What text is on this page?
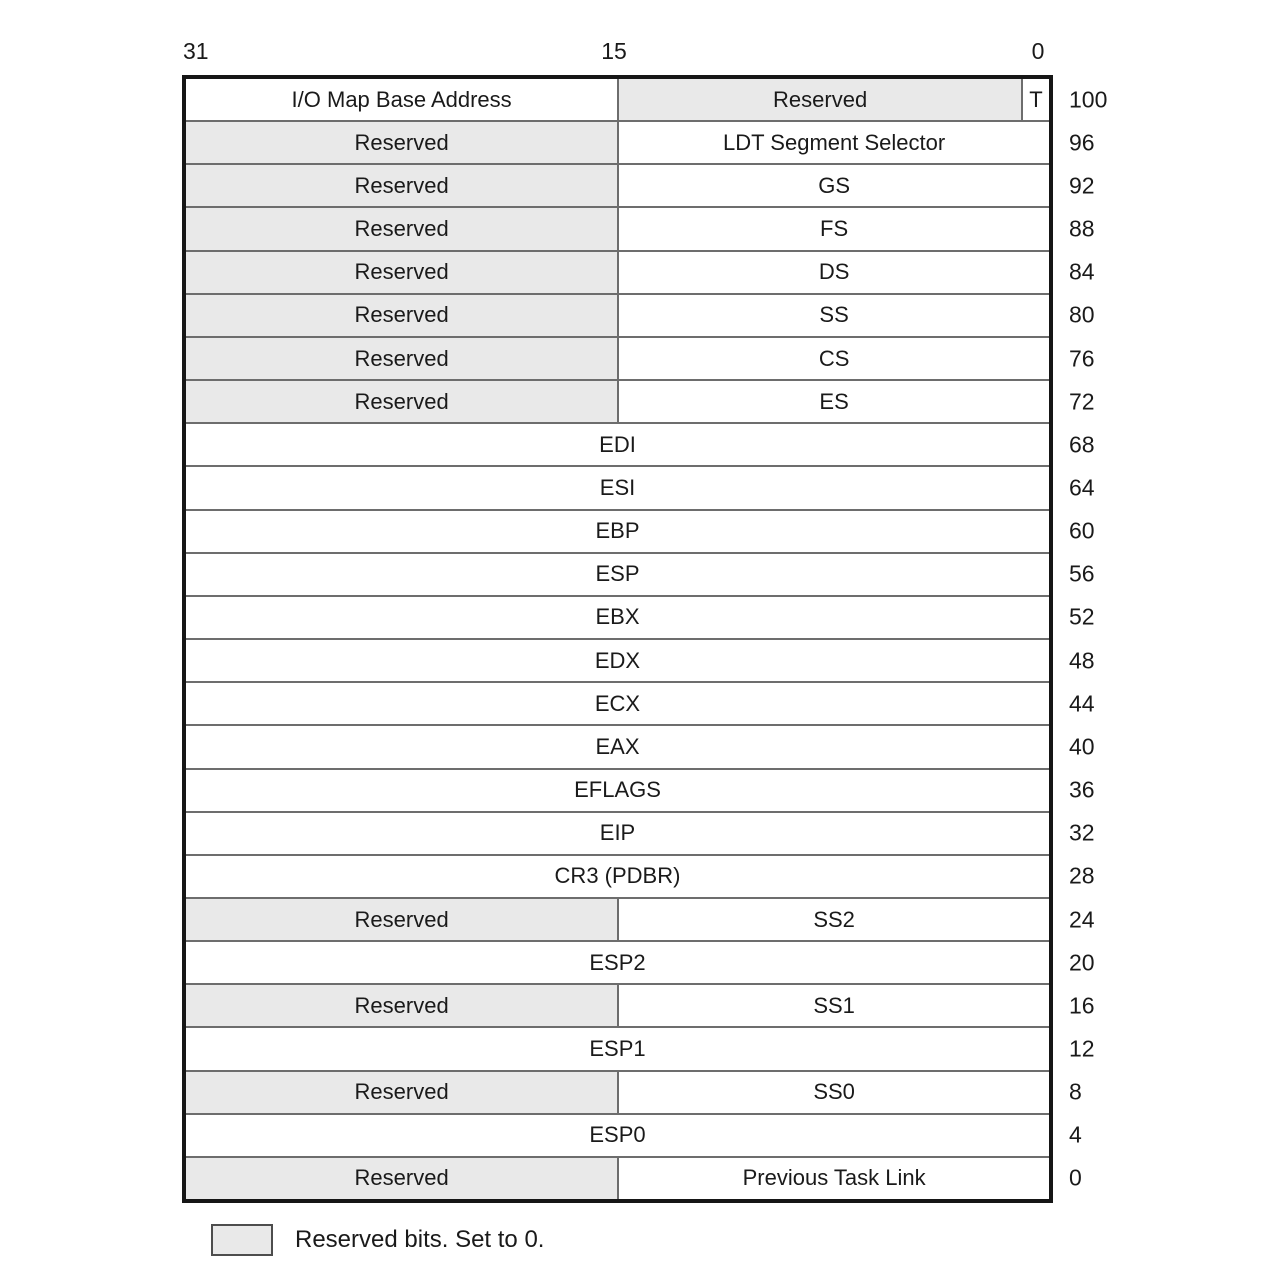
31	15	0
I/O Map Base Address	Reserved	T 100
Reserved	LDT Segment Selector	96
Reserved	GS	92
Reserved	FS	88
Reserved	DS	84
Reserved	SS	80
Reserved	CS	76
Reserved	ES	72
EDI	68
ESI	64
EBP	60
ESP	56
EBX	52
EDX	48
ECX	44
EAX	40
EFLAGS	36
EIP	32
CR3 (PDBR)	28
Reserved	SS2	24
ESP2	20
Reserved	SS1	16
ESP1	12
Reserved	SS0	8
ESP0	4
Reserved	Previous Task Link	0
Reserved bits. Set to 0.
